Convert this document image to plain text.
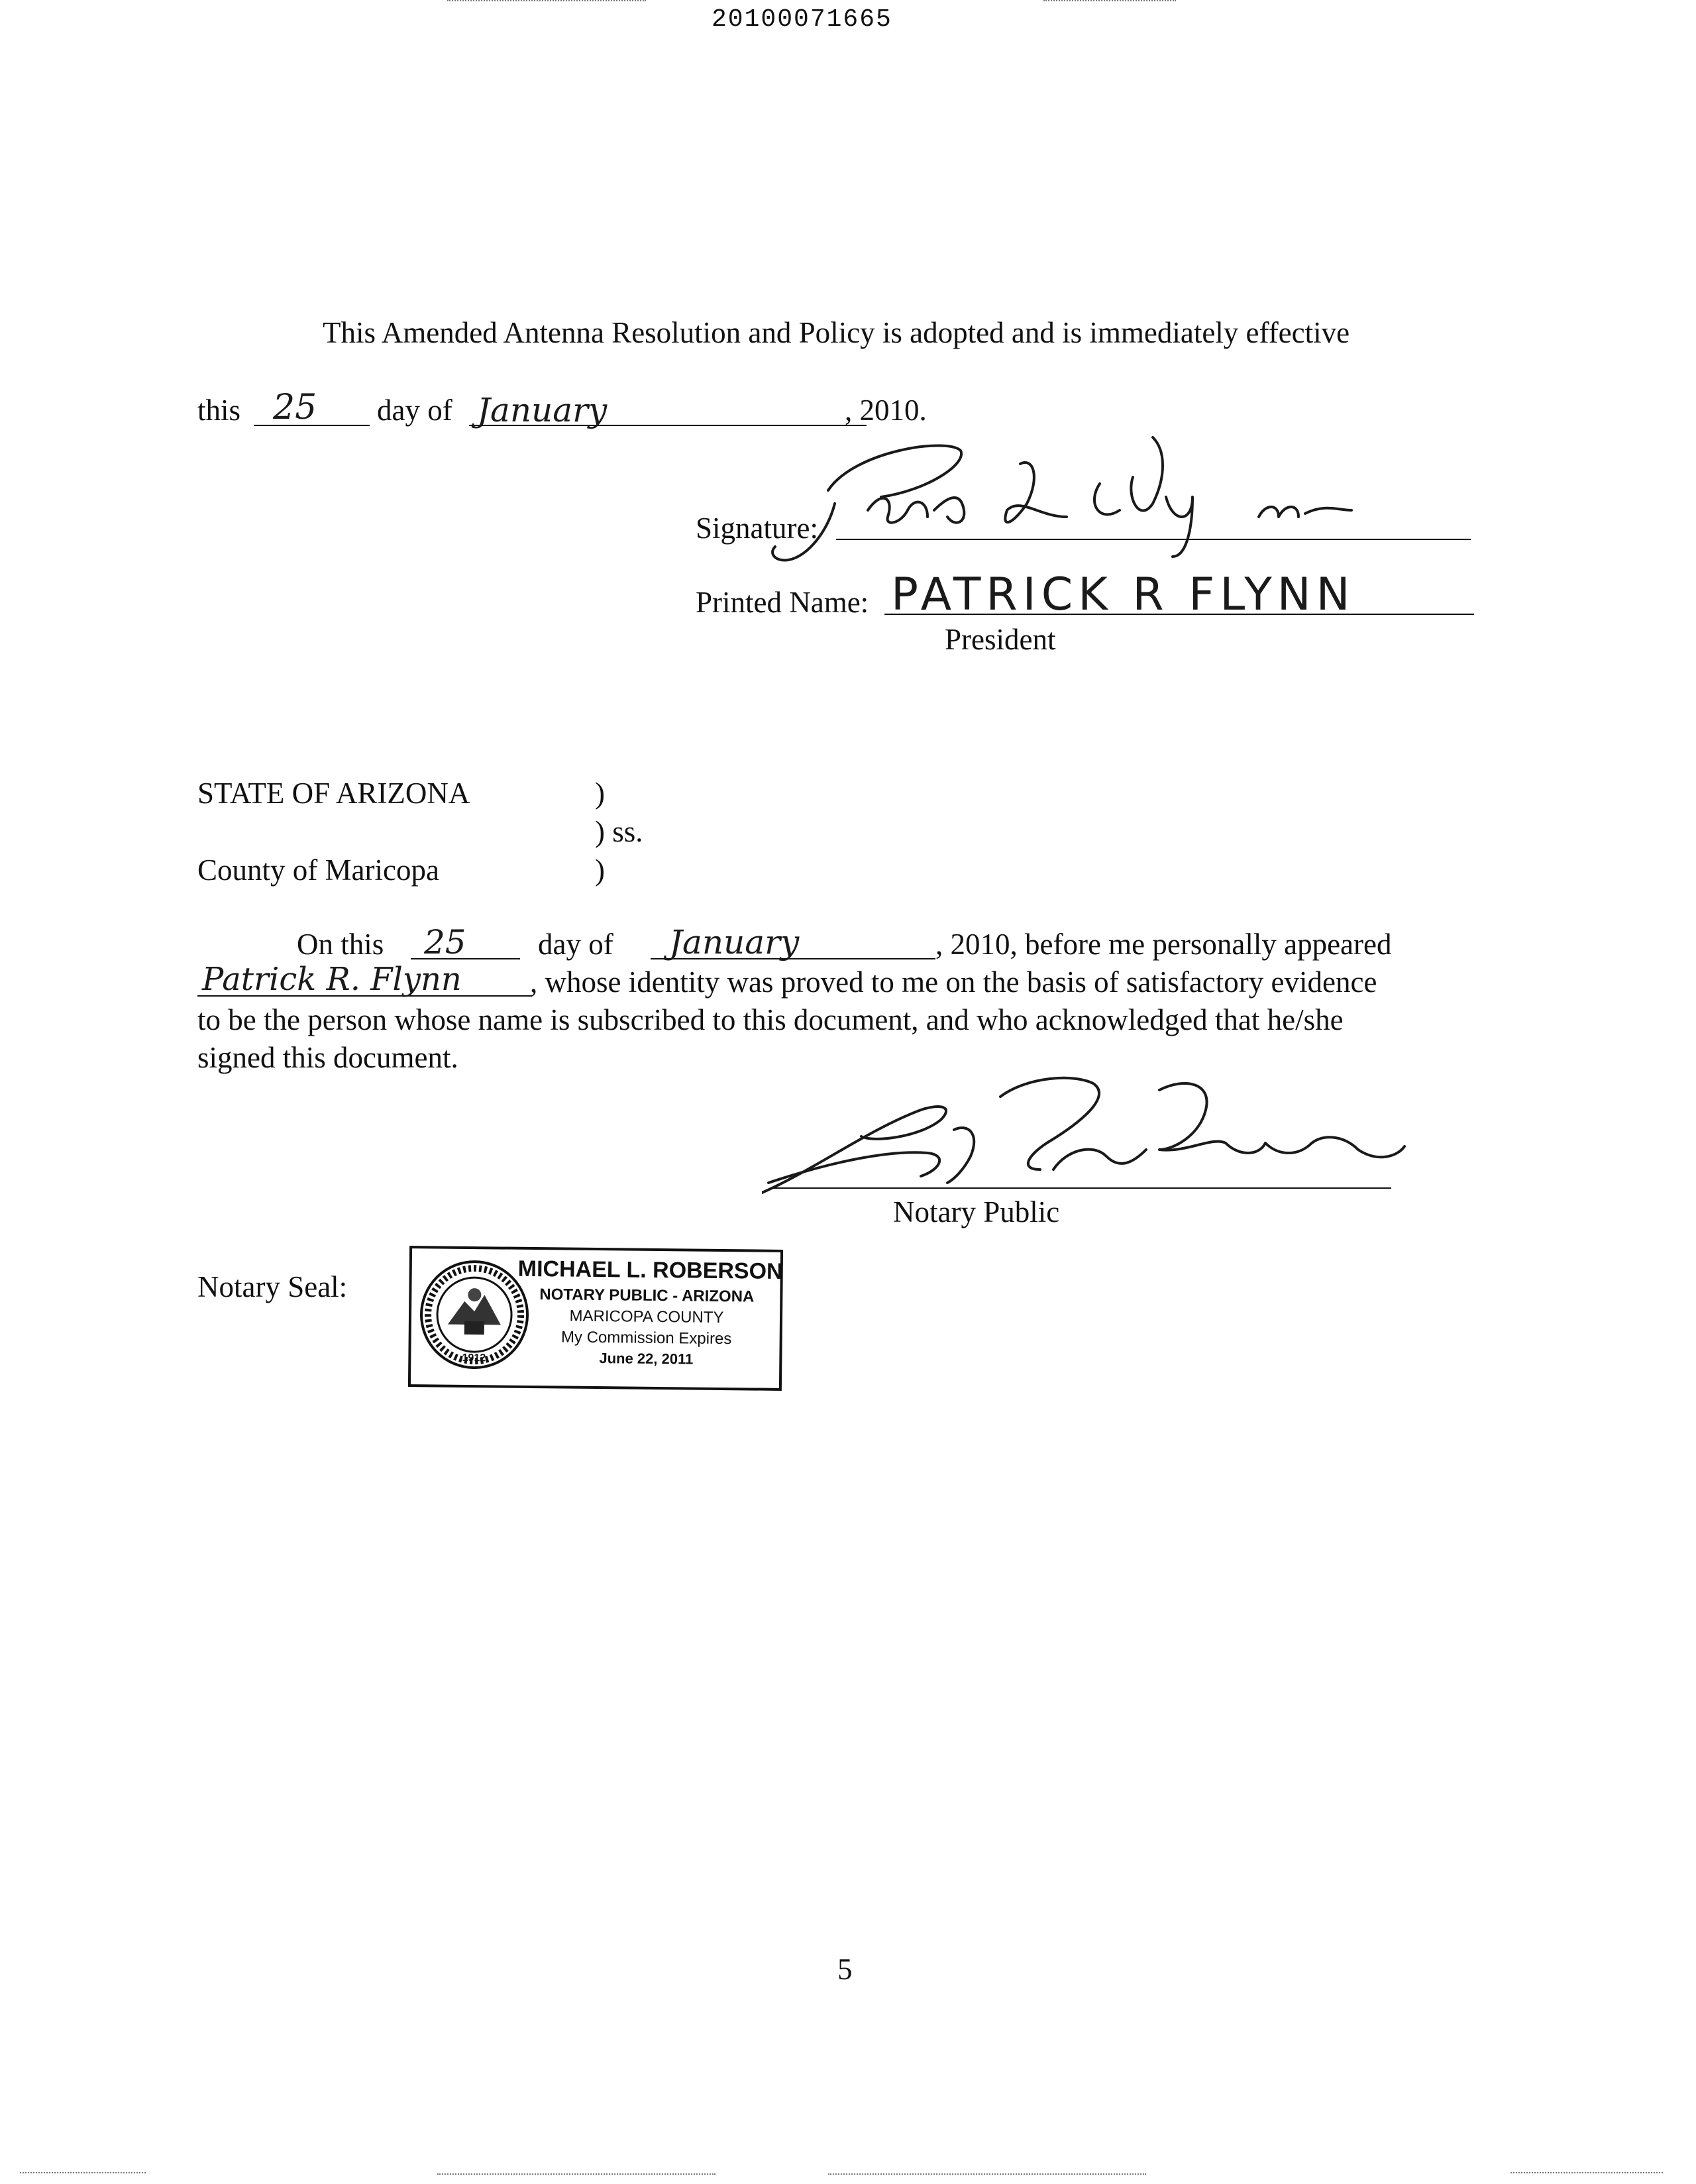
20100071665
This Amended Antenna Resolution and Policy is adopted and is immediately effective
this 25 day of January	, 2010.
Signature:
Printed Name: PATRICK R FLYNN
President
STATE OF ARIZONA	)
) ss.
County of Maricopa	)
On this 25 day of January	, 2010, before me personally appeared
Patrick R. Flynn , whose identity was proved to me on the basis of satisfactory evidence
to be the person whose name is subscribed to this document, and who acknowledged that he/she
signed this document.
Notary Public
Notary Seal:
1912
MICHAEL L. ROBERSON
NOTARY PUBLIC - ARIZONA
MARICOPA COUNTY
My Commission Expires
June 22, 2011
5
